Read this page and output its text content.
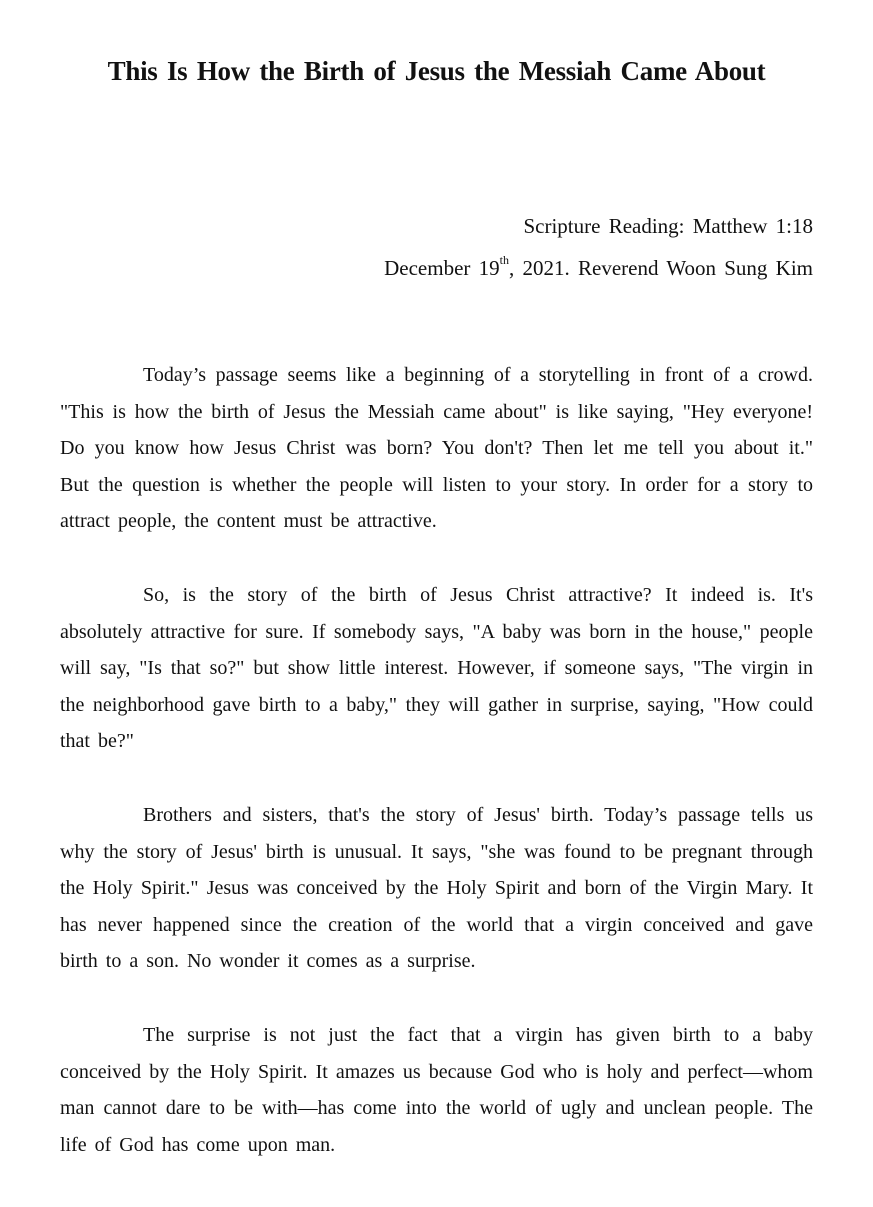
This Is How the Birth of Jesus the Messiah Came About
Scripture Reading: Matthew 1:18
December 19th, 2021. Reverend Woon Sung Kim

Today’s passage seems like a beginning of a storytelling in front of a crowd. "This is how the birth of Jesus the Messiah came about" is like saying, "Hey everyone! Do you know how Jesus Christ was born? You don't? Then let me tell you about it." But the question is whether the people will listen to your story. In order for a story to attract people, the content must be attractive.

So, is the story of the birth of Jesus Christ attractive? It indeed is. It's absolutely attractive for sure. If somebody says, "A baby was born in the house," people will say, "Is that so?" but show little interest. However, if someone says, "The virgin in the neighborhood gave birth to a baby," they will gather in surprise, saying, "How could that be?"

Brothers and sisters, that's the story of Jesus' birth. Today’s passage tells us why the story of Jesus' birth is unusual. It says, "she was found to be pregnant through the Holy Spirit." Jesus was conceived by the Holy Spirit and born of the Virgin Mary. It has never happened since the creation of the world that a virgin conceived and gave birth to a son. No wonder it comes as a surprise.

The surprise is not just the fact that a virgin has given birth to a baby conceived by the Holy Spirit. It amazes us because God who is holy and perfect—whom man cannot dare to be with—has come into the world of ugly and unclean people. The life of God has come upon man.
